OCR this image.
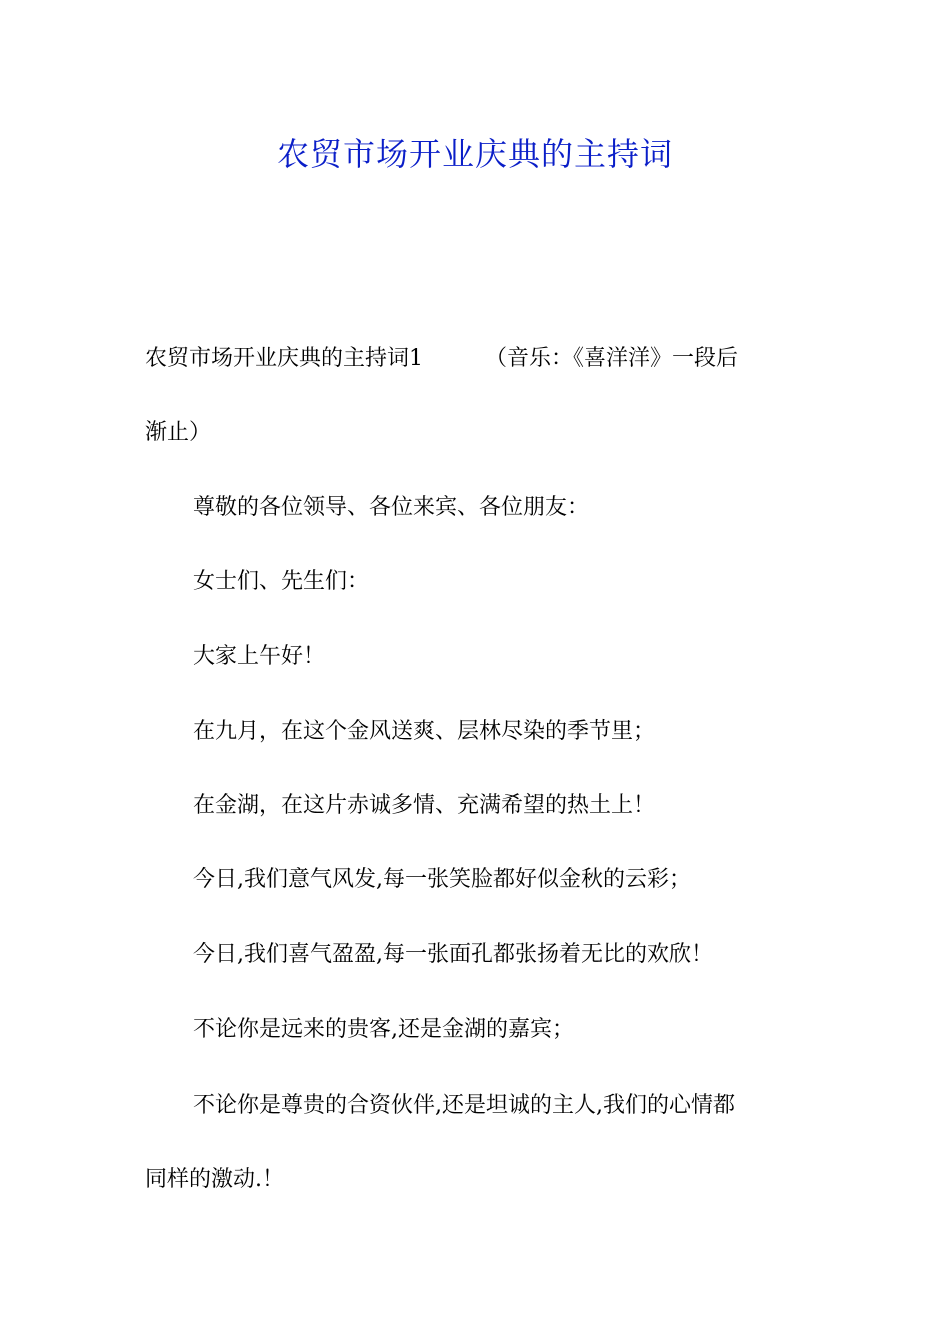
农贸市场开业庆典的主持词
农贸市场开业庆典的主持词1	（音乐：《喜洋洋》一段后
渐止）
尊敬的各位领导、各位来宾、各位朋友：
女士们、先生们：
大家上午好！
在九月，在这个金风送爽、层林尽染的季节里；
在金湖，在这片赤诚多情、充满希望的热土上！
今日,我们意气风发,每一张笑脸都好似金秋的云彩；
今日,我们喜气盈盈,每一张面孔都张扬着无比的欢欣！
不论你是远来的贵客,还是金湖的嘉宾；
不论你是尊贵的合资伙伴,还是坦诚的主人,我们的心情都
同样的激动.！
